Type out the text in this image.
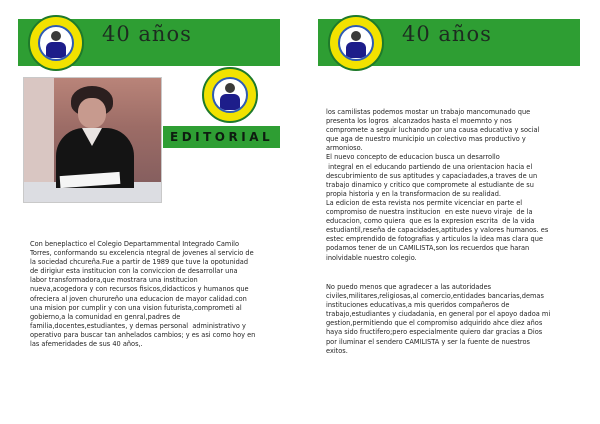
40 años
EDITORIAL
Con beneplactico el Colegio Departammental Integrado Camilo
Torres, conformando su excelencia ntegral de jovenes al servicio de
la sociedad chcureña.Fue a partir de 1989 que tuve la opotunidad
de dirigiur esta institucion con la conviccion de desarrollar una
labor transformadora,que mostrara una institucion
nueva,acogedora y con recursos fisicos,didacticos y humanos que
ofreciera al joven churureño una educacion de mayor calidad.con
una mision por cumplir y con una vision futurista,comprometi al
gobierno,a la comunidad en genral,padres de
familia,docentes,estudiantes, y demas personal  administrativo y
operativo para buscar tan anhelados cambios; y es asi como hoy en
las afemeridades de sus 40 años,.
40 años
los camilistas podemos mostar un trabajo mancomunado que
presenta los logros  alcanzados hasta el moemnto y nos
compromete a seguir luchando por una causa educativa y social
que aga de nuestro municipio un colectivo mas productivo y
armonioso.
El nuevo concepto de educacion busca un desarrollo
integral en el educando partiendo de una orientacion hacia el
descubrimiento de sus aptitudes y capaciadades,a traves de un
trabajo dinamico y critico que compromete al estudiante de su
propia historia y en la transformacion de su realidad.
La edicion de esta revista nos permite vicenciar en parte el
compromiso de nuestra institucion  en este nuevo viraje  de la
educacion, como quiera  que es la expresion escrita  de la vida
estudiantil,reseña de capacidades,aptitudes y valores humanos. es
estec emprendido de fotografias y articulos la idea mas clara que
podamos tener de un CAMILISTA,son los recuerdos que haran
inolvidable nuestro colegio.
No puedo menos que agradecer a las autoridades
civiles,militares,religiosas,al comercio,entidades bancarias,demas
instituciones educativas,a mis queridos compañeros de
trabajo,estudiantes y ciudadania, en general por el apoyo dadoa mi
gestion,permitiendo que el compromiso adquirido ahce diez años
haya sido fructifero;pero especialmente quiero dar gracias a Dios
por iluminar el sendero CAMILISTA y ser la fuente de nuestros
exitos.
